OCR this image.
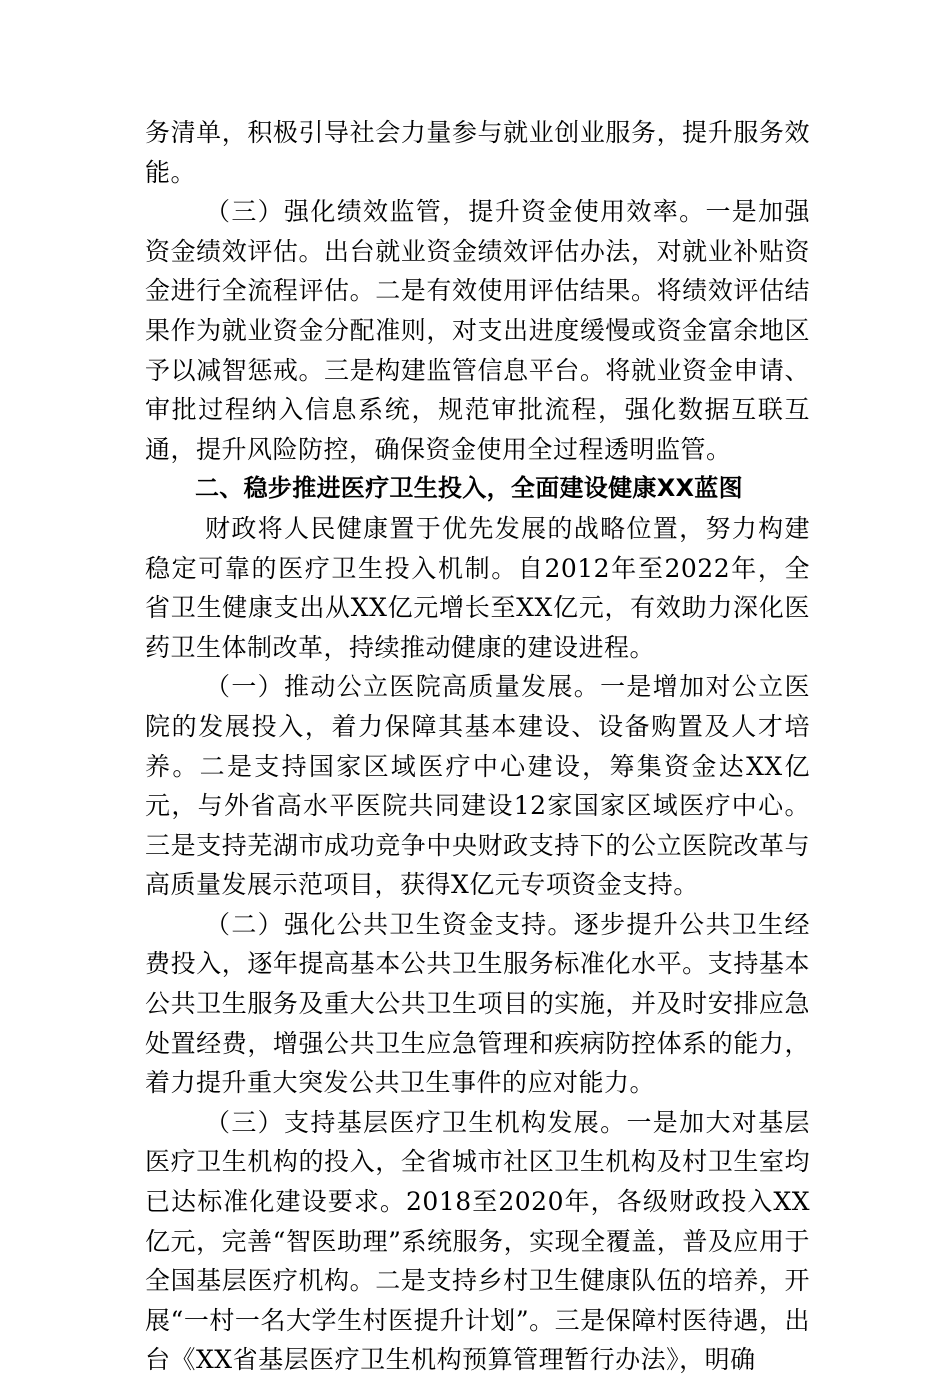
务清单，积极引导社会力量参与就业创业服务，提升服务效能。

（三）强化绩效监管，提升资金使用效率。一是加强资金绩效评估。出台就业资金绩效评估办法，对就业补贴资金进行全流程评估。二是有效使用评估结果。将绩效评估结果作为就业资金分配准则，对支出进度缓慢或资金富余地区予以减智惩戒。三是构建监管信息平台。将就业资金申请、审批过程纳入信息系统，规范审批流程，强化数据互联互通，提升风险防控，确保资金使用全过程透明监管。

二、稳步推进医疗卫生投入，全面建设健康XX蓝图

财政将人民健康置于优先发展的战略位置，努力构建稳定可靠的医疗卫生投入机制。自2012年至2022年，全省卫生健康支出从XX亿元增长至XX亿元，有效助力深化医药卫生体制改革，持续推动健康的建设进程。

（一）推动公立医院高质量发展。一是增加对公立医院的发展投入，着力保障其基本建设、设备购置及人才培养。二是支持国家区域医疗中心建设，筹集资金达XX亿元，与外省高水平医院共同建设12家国家区域医疗中心。三是支持芜湖市成功竞争中央财政支持下的公立医院改革与高质量发展示范项目，获得X亿元专项资金支持。

（二）强化公共卫生资金支持。逐步提升公共卫生经费投入，逐年提高基本公共卫生服务标准化水平。支持基本公共卫生服务及重大公共卫生项目的实施，并及时安排应急处置经费，增强公共卫生应急管理和疾病防控体系的能力，着力提升重大突发公共卫生事件的应对能力。

（三）支持基层医疗卫生机构发展。一是加大对基层医疗卫生机构的投入，全省城市社区卫生机构及村卫生室均已达标准化建设要求。2018至2020年，各级财政投入XX亿元，完善“智医助理”系统服务，实现全覆盖，普及应用于全国基层医疗机构。二是支持乡村卫生健康队伍的培养，开展“一村一名大学生村医提升计划”。三是保障村医待遇，出台《XX省基层医疗卫生机构预算管理暂行办法》，明确
